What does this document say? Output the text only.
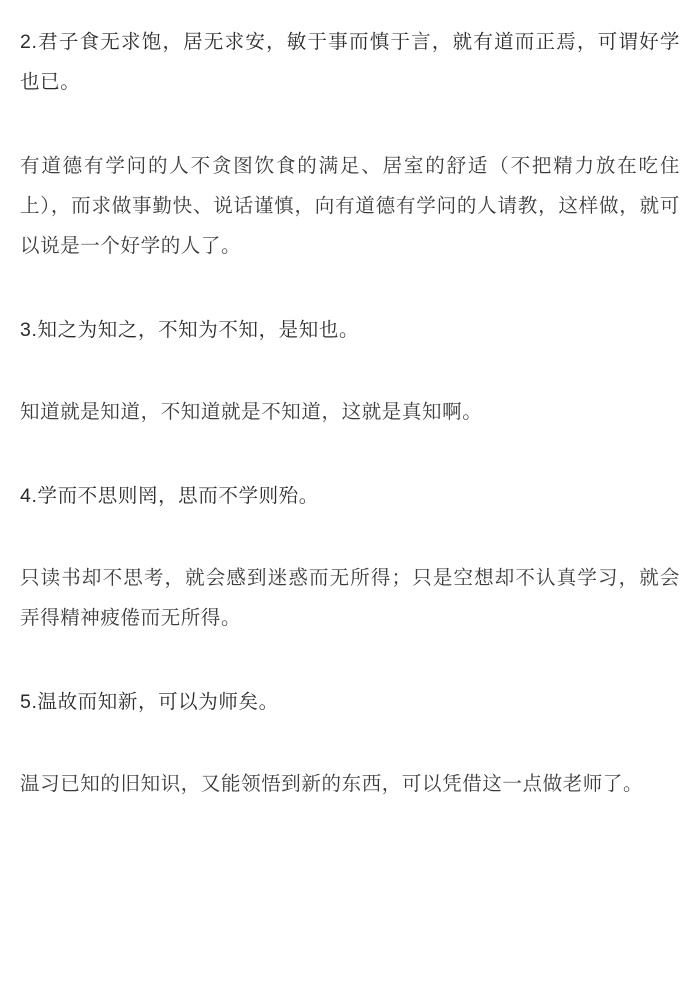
2.君子食无求饱，居无求安，敏于事而慎于言，就有道而正焉，可谓好学也已。

有道德有学问的人不贪图饮食的满足、居室的舒适（不把精力放在吃住上），而求做事勤快、说话谨慎，向有道德有学问的人请教，这样做，就可以说是一个好学的人了。

3.知之为知之，不知为不知，是知也。

知道就是知道，不知道就是不知道，这就是真知啊。

4.学而不思则罔，思而不学则殆。

只读书却不思考，就会感到迷惑而无所得；只是空想却不认真学习，就会弄得精神疲倦而无所得。

5.温故而知新，可以为师矣。

温习已知的旧知识，又能领悟到新的东西，可以凭借这一点做老师了。
